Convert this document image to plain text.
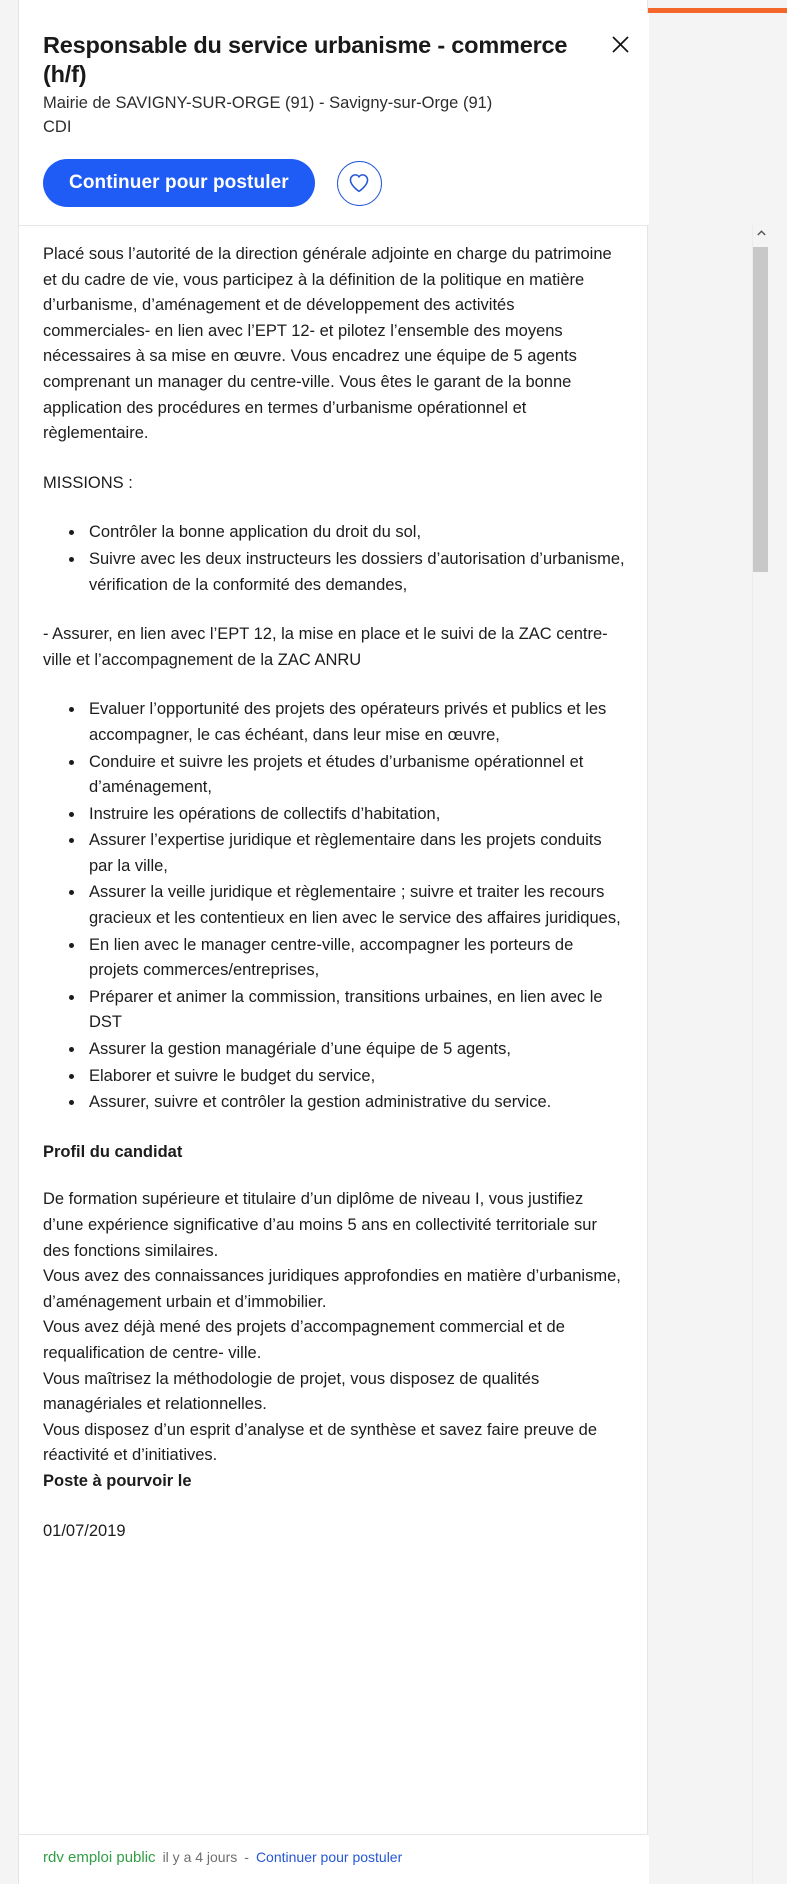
Responsable du service urbanisme - commerce (h/f)
Mairie de SAVIGNY-SUR-ORGE (91) - Savigny-sur-Orge (91)
CDI
Continuer pour postuler

Placé sous l’autorité de la direction générale adjointe en charge du patrimoine et du cadre de vie, vous participez à la définition de la politique en matière d’urbanisme, d’aménagement et de développement des activités commerciales- en lien avec l’EPT 12- et pilotez l’ensemble des moyens nécessaires à sa mise en œuvre. Vous encadrez une équipe de 5 agents comprenant un manager du centre-ville. Vous êtes le garant de la bonne application des procédures en termes d’urbanisme opérationnel et règlementaire.

MISSIONS :

• Contrôler la bonne application du droit du sol,
• Suivre avec les deux instructeurs les dossiers d’autorisation d’urbanisme, vérification de la conformité des demandes,

- Assurer, en lien avec l’EPT 12, la mise en place et le suivi de la ZAC centre- ville et l’accompagnement de la ZAC ANRU

• Evaluer l’opportunité des projets des opérateurs privés et publics et les accompagner, le cas échéant, dans leur mise en œuvre,
• Conduire et suivre les projets et études d’urbanisme opérationnel et d’aménagement,
• Instruire les opérations de collectifs d’habitation,
• Assurer l’expertise juridique et règlementaire dans les projets conduits par la ville,
• Assurer la veille juridique et règlementaire ; suivre et traiter les recours gracieux et les contentieux en lien avec le service des affaires juridiques,
• En lien avec le manager centre-ville, accompagner les porteurs de projets commerces/entreprises,
• Préparer et animer la commission, transitions urbaines, en lien avec le DST
• Assurer la gestion managériale d’une équipe de 5 agents,
• Elaborer et suivre le budget du service,
• Assurer, suivre et contrôler la gestion administrative du service.
Profil du candidat
De formation supérieure et titulaire d’un diplôme de niveau I, vous justifiez d’une expérience significative d’au moins 5 ans en collectivité territoriale sur des fonctions similaires.
Vous avez des connaissances juridiques approfondies en matière d’urbanisme, d’aménagement urbain et d’immobilier.
Vous avez déjà mené des projets d’accompagnement commercial et de requalification de centre- ville.
Vous maîtrisez la méthodologie de projet, vous disposez de qualités managériales et relationnelles.
Vous disposez d’un esprit d’analyse et de synthèse et savez faire preuve de réactivité et d’initiatives.
Poste à pourvoir le
01/07/2019
rdv emploi public il y a 4 jours - Continuer pour postuler
